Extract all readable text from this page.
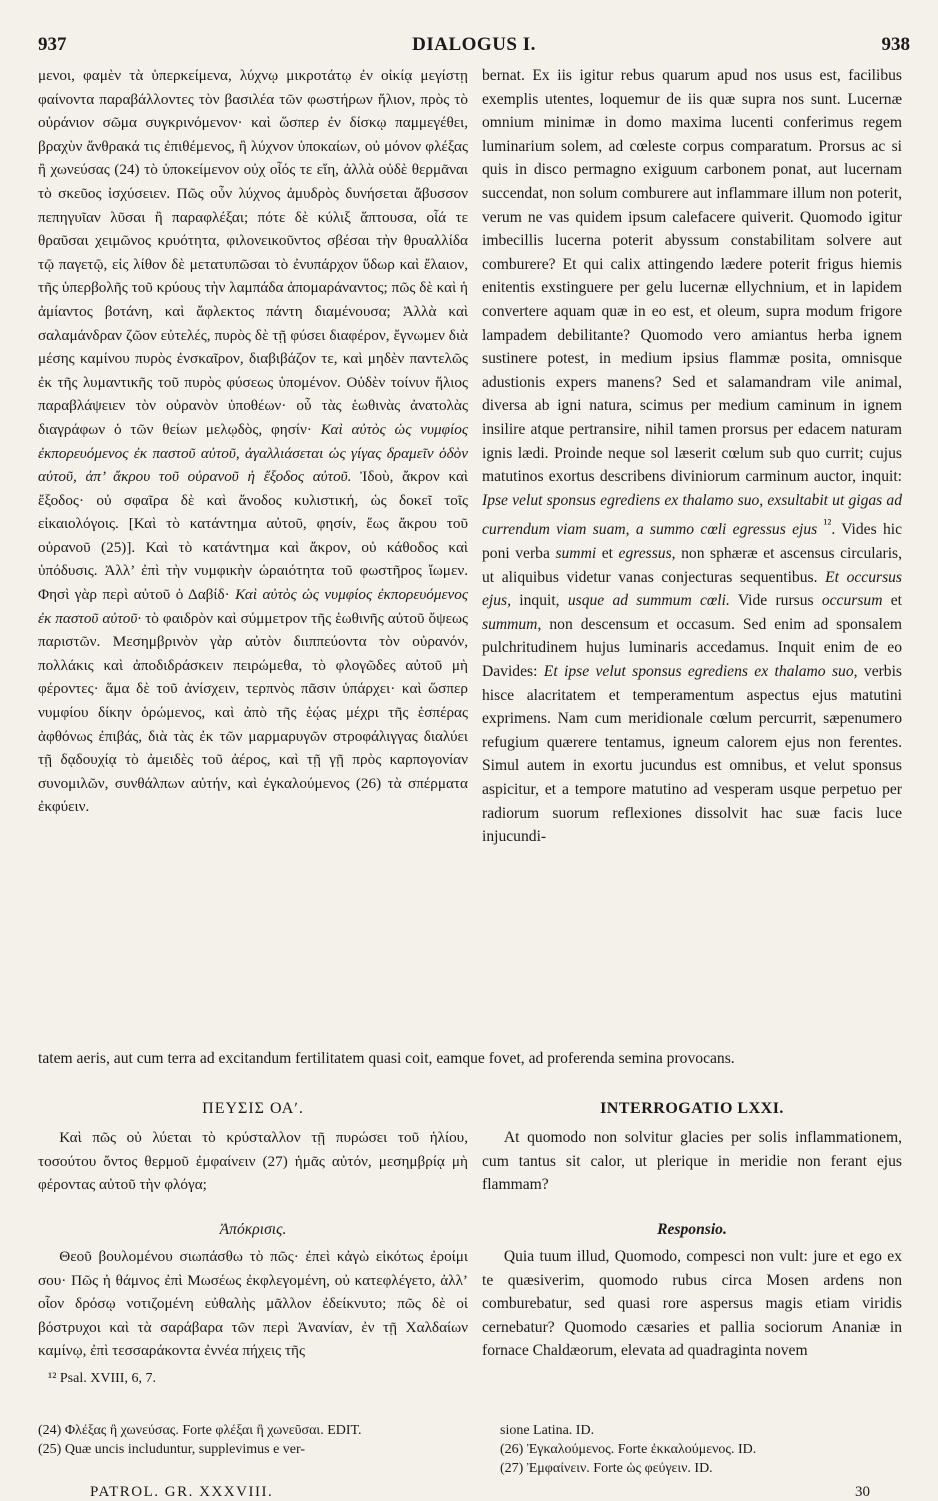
937	DIALOGUS I.	938

μενοι, φαμὲν τὰ ὑπερκείμενα, λύχνῳ μικροτάτῳ ἐν οἰκίᾳ μεγίστῃ φαίνοντα παραβάλλοντες τὸν βασιλέα τῶν φωστήρων ἥλιον, πρὸς τὸ οὐράνιον σῶμα συγκρινόμενον· καὶ ὥσπερ ἐν δίσκῳ παμμεγέθει, βραχὺν ἄνθρακά τις ἐπιθέμενος, ἢ λύχνον ὑποκαίων, οὐ μόνον φλέξας ἢ χωνεύσας (24) τὸ ὑποκείμενον οὐχ οἷός τε εἴη, ἀλλὰ οὐδὲ θερμᾶναι τὸ σκεῦος ἰσχύσειεν. Πῶς οὖν λύχνος ἀμυδρὸς δυνήσεται ἄβυσσον πεπηγυῖαν λῦσαι ἢ παραφλέξαι; πότε δὲ κύλιξ ἅπτουσα, οἷά τε θραῦσαι χειμῶνος κρυότητα, φιλονεικοῦντος σβέσαι τὴν θρυαλλίδα τῷ παγετῷ, εἰς λίθον δὲ μετατυπῶσαι τὸ ἐνυπάρχον ὕδωρ καὶ ἔλαιον, τῆς ὑπερβολῆς τοῦ κρύους τὴν λαμπάδα ἀπομαράναντος; πῶς δὲ καὶ ἡ ἀμίαντος βοτάνη, καὶ ἄφλεκτος πάντη διαμένουσα; Ἀλλὰ καὶ σαλαμάνδραν ζῶον εὐτελές, πυρὸς δὲ τῇ φύσει διαφέρον, ἔγνωμεν διὰ μέσης καμίνου πυρὸς ἐνσκαῖρον, διαβιβάζον τε, καὶ μηδὲν παντελῶς ἐκ τῆς λυμαντικῆς τοῦ πυρὸς φύσεως ὑπομένον. Οὐδὲν τοίνυν ἥλιος παραβλάψειεν τὸν οὐρανὸν ὑποθέων· οὗ τὰς ἑωθινὰς ἀνατολὰς διαγράφων ὁ τῶν θείων μελῳδὸς, φησίν· Καὶ αὐτὸς ὡς νυμφίος ἐκπορευόμενος ἐκ παστοῦ αὐτοῦ, ἀγαλλιάσεται ὡς γίγας δραμεῖν ὁδὸν αὐτοῦ, ἀπ’ ἄκρου τοῦ οὐρανοῦ ἡ ἔξοδος αὐτοῦ. Ἰδοὺ, ἄκρον καὶ ἔξοδος· οὐ σφαῖρα δὲ καὶ ἄνοδος κυλιστική, ὡς δοκεῖ τοῖς εἰκαιολόγοις. [Καὶ τὸ κατάντημα αὐτοῦ, φησίν, ἕως ἄκρου τοῦ οὐρανοῦ (25)]. Καὶ τὸ κατάντημα καὶ ἄκρον, οὐ κάθοδος καὶ ὑπόδυσις. Ἀλλ’ ἐπὶ τὴν νυμφικὴν ὡραιότητα τοῦ φωστῆρος ἴωμεν. Φησὶ γὰρ περὶ αὐτοῦ ὁ Δαβίδ· Καὶ αὐτὸς ὡς νυμφίος ἐκπορευόμενος ἐκ παστοῦ αὐτοῦ· τὸ φαιδρὸν καὶ σύμμετρον τῆς ἑωθινῆς αὐτοῦ ὄψεως παριστῶν. Μεσημβρινὸν γὰρ αὐτὸν διιππεύοντα τὸν οὐρανόν, πολλάκις καὶ ἀποδιδράσκειν πειρώμεθα, τὸ φλογῶδες αὐτοῦ μὴ φέροντες· ἅμα δὲ τοῦ ἀνίσχειν, τερπνὸς πᾶσιν ὑπάρχει· καὶ ὥσπερ νυμφίου δίκην ὁρώμενος, καὶ ἀπὸ τῆς ἑῴας μέχρι τῆς ἑσπέρας ἀφθόνως ἐπιβάς, διὰ τὰς ἐκ τῶν μαρμαρυγῶν στροφάλιγγας διαλύει τῇ δᾳδουχίᾳ τὸ ἀμειδὲς τοῦ ἀέρος, καὶ τῇ γῇ πρὸς καρπογονίαν συνομιλῶν, συνθάλπων αὐτήν, καὶ ἐγκαλούμενος (26) τὰ σπέρματα ἐκφύειν.

bernat. Ex iis igitur rebus quarum apud nos usus est, facilibus exemplis utentes, loquemur de iis quæ supra nos sunt. Lucernæ omnium minimæ in domo maxima lucenti conferimus regem luminarium solem, ad cœleste corpus comparatum. Prorsus ac si quis in disco permagno exiguum carbonem ponat, aut lucernam succendat, non solum comburere aut inflammare illum non poterit, verum ne vas quidem ipsum calefacere quiverit. Quomodo igitur imbecillis lucerna poterit abyssum constabilitam solvere aut comburere? Et qui calix attingendo lædere poterit frigus hiemis enitentis exstinguere per gelu lucernæ ellychnium, et in lapidem convertere aquam quæ in eo est, et oleum, supra modum frigore lampadem debilitante? Quomodo vero amiantus herba ignem sustinere potest, in medium ipsius flammæ posita, omnisque adustionis expers manens? Sed et salamandram vile animal, diversa ab igni natura, scimus per medium caminum in ignem insilire atque pertransire, nihil tamen prorsus per edacem naturam ignis lædi. Proinde neque sol læserit cœlum sub quo currit; cujus matutinos exortus describens diviniorum carminum auctor, inquit: Ipse velut sponsus egrediens ex thalamo suo, exsultabit ut gigas ad currendum viam suam, a summo cœli egressus ejus $^{^{12}}$. Vides hic poni verba summi et egressus, non sphæræ et ascensus circularis, ut aliquibus videtur vanas conjecturas sequentibus. Et occursus ejus, inquit, usque ad summum cœli. Vide rursus occursum et summum, non descensum et occasum. Sed enim ad sponsalem pulchritudinem hujus luminaris accedamus. Inquit enim de eo Davides: Et ipse velut sponsus egrediens ex thalamo suo, verbis hisce alacritatem et temperamentum aspectus ejus matutini exprimens. Nam cum meridionale cœlum percurrit, sæpenumero refugium quærere tentamus, igneum calorem ejus non ferentes. Simul autem in exortu jucundus est omnibus, et velut sponsus aspicitur, et a tempore matutino ad vesperam usque perpetuo per radiorum suorum reflexiones dissolvit hac suæ facis luce injucundi-

tatem aeris, aut cum terra ad excitandum fertilitatem quasi coit, eamque fovet, ad proferenda semina provocans.
ΠΕΥΣΙΣ ΟΑʹ.	INTERROGATIO LXXI.

Καὶ πῶς οὐ λύεται τὸ κρύσταλλον τῇ πυρώσει τοῦ ἡλίου, τοσούτου ὄντος θερμοῦ ἐμφαίνειν (27) ἡμᾶς αὐτόν, μεσημβρίᾳ μὴ φέροντας αὐτοῦ τὴν φλόγα;

At quomodo non solvitur glacies per solis inflammationem, cum tantus sit calor, ut plerique in meridie non ferant ejus flammam?

Ἀπόκρισις.	Responsio.

Θεοῦ βουλομένου σιωπάσθω τὸ πῶς· ἐπεὶ κἀγὼ εἰκότως ἐροίμι σου· Πῶς ἡ θάμνος ἐπὶ Μωσέως ἐκφλεγομένη, οὐ κατεφλέγετο, ἀλλ’ οἷον δρόσῳ νοτιζομένη εὐθαλὴς μᾶλλον ἐδείκνυτο; πῶς δὲ οἱ βόστρυχοι καὶ τὰ σαράβαρα τῶν περὶ Ἀνανίαν, ἐν τῇ Χαλδαίων καμίνῳ, ἐπὶ τεσσαράκοντα ἐννέα πήχεις τῆς

¹² Psal. XVIII, 6, 7.

Quia tuum illud, Quomodo, compesci non vult: jure et ego ex te quæsiverim, quomodo rubus circa Mosen ardens non comburebatur, sed quasi rore aspersus magis etiam viridis cernebatur? Quomodo cæsaries et pallia sociorum Ananiæ in fornace Chaldæorum, elevata ad quadraginta novem

(24) Φλέξας ἢ χωνεύσας. Forte φλέξαι ἢ χωνεῦσαι. EDIT.
(25) Quæ uncis includuntur, supplevimus e ver-
sione Latina. ID.
(26) Ἐγκαλούμενος. Forte ἐκκαλούμενος. ID.
(27) Ἐμφαίνειν. Forte ὡς φεύγειν. ID.
PATROL. GR. XXXVIII.	30
